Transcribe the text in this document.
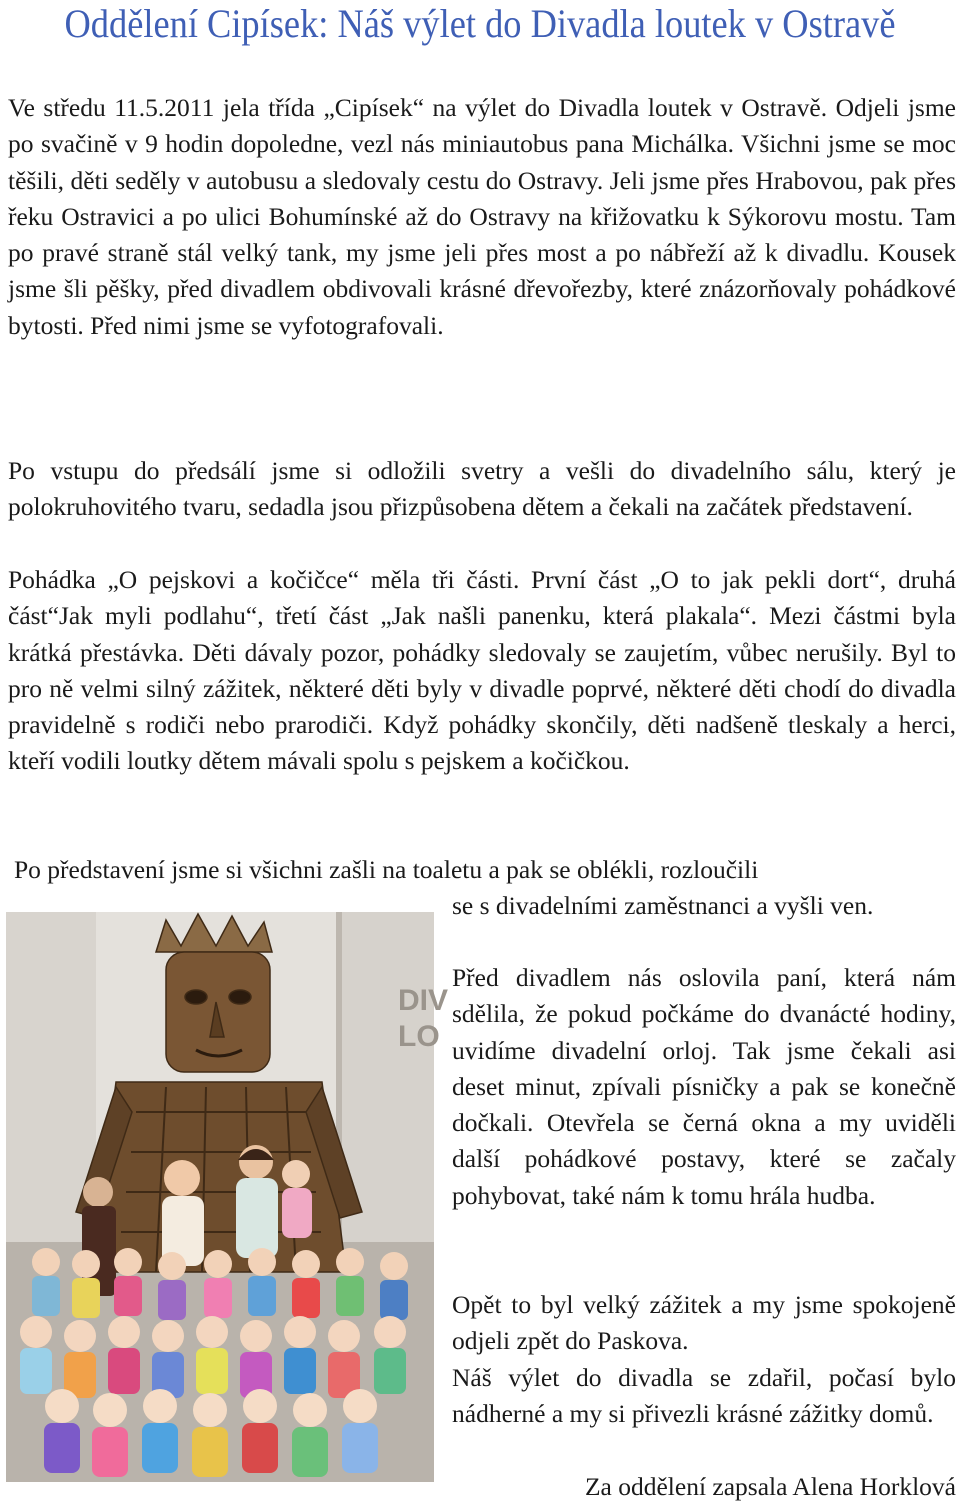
Oddělení Cipísek: Náš výlet do Divadla loutek v Ostravě

Ve středu 11.5.2011 jela třída „Cipísek“ na výlet do Divadla loutek v Ostravě. Odjeli jsme po svačině v 9 hodin dopoledne, vezl nás miniautobus pana Michálka. Všichni jsme se moc těšili, děti seděly v autobusu a sledovaly cestu do Ostravy. Jeli jsme přes Hrabovou, pak přes řeku Ostravici a po ulici Bohumínské až do Ostravy na křižovatku k Sýkorovu mostu. Tam po pravé straně stál velký tank, my jsme jeli přes most a po nábřeží až k divadlu. Kousek jsme šli pěšky, před divadlem obdivovali krásné dřevořezby, které znázorňovaly pohádkové bytosti. Před nimi jsme se vyfotografovali.

Po vstupu do předsálí jsme si odložili svetry a vešli do divadelního sálu, který je polokruhovitého tvaru, sedadla jsou přizpůsobena dětem a čekali na začátek představení.

Pohádka „O pejskovi a kočičce“ měla tři části. První část „O to jak pekli dort“, druhá část“Jak myli podlahu“, třetí část „Jak našli panenku, která plakala“. Mezi částmi byla krátká přestávka. Děti dávaly pozor, pohádky sledovaly se zaujetím, vůbec nerušily. Byl to pro ně velmi silný zážitek, některé děti byly v divadle poprvé, některé děti chodí do divadla pravidelně s rodiči nebo prarodiči. Když pohádky skončily, děti nadšeně tleskaly a herci, kteří vodili loutky dětem mávali spolu s pejskem a kočičkou.

Po představení jsme si všichni zašli na toaletu a pak se oblékli, rozloučili

se s divadelními zaměstnanci a vyšli ven.

Před divadlem nás oslovila paní, která nám sdělila, že pokud počkáme do dvanácté hodiny, uvidíme divadelní orloj. Tak jsme čekali asi deset minut, zpívali písničky a pak se konečně dočkali. Otevřela se černá okna a my uviděli další pohádkové postavy, které se začaly pohybovat, také nám k tomu hrála hudba.

Opět to byl velký zážitek a my jsme spokojeně odjeli zpět do Paskova.

Náš výlet do divadla se zdařil, počasí bylo nádherné a my si přivezli krásné zážitky domů.

Za oddělení zapsala Alena Horklová

DIV
LO
